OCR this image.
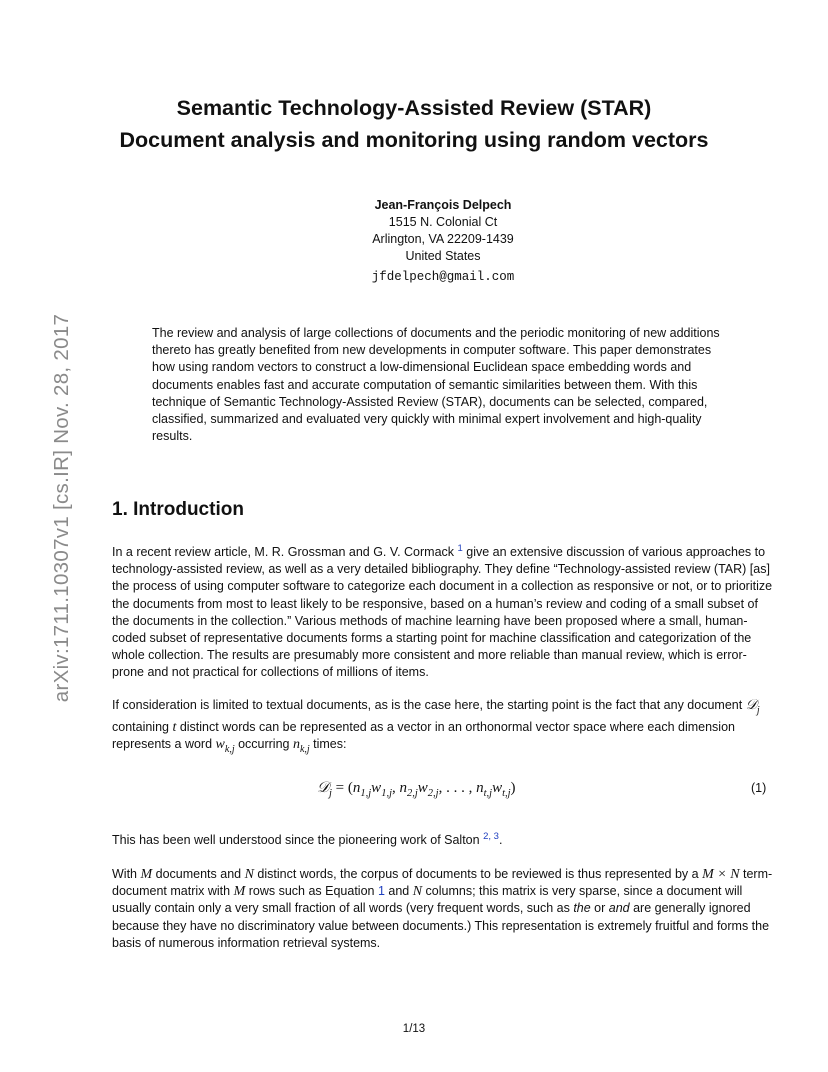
arXiv:1711.10307v1 [cs.IR] Nov. 28, 2017
Semantic Technology-Assisted Review (STAR)
Document analysis and monitoring using random vectors
Jean-François Delpech
1515 N. Colonial Ct
Arlington, VA 22209-1439
United States
jfdelpech@gmail.com
The review and analysis of large collections of documents and the periodic monitoring of new additions thereto has greatly benefited from new developments in computer software. This paper demonstrates how using random vectors to construct a low-dimensional Euclidean space embedding words and documents enables fast and accurate computation of semantic similarities between them. With this technique of Semantic Technology-Assisted Review (STAR), documents can be selected, compared, classified, summarized and evaluated very quickly with minimal expert involvement and high-quality results.
1. Introduction

In a recent review article, M. R. Grossman and G. V. Cormack $^1$ give an extensive discussion of various approaches to technology-assisted review, as well as a very detailed bibliography. They define “Technology-assisted review (TAR) [as] the process of using computer software to categorize each document in a collection as responsive or not, or to prioritize the documents from most to least likely to be responsive, based on a human’s review and coding of a small subset of the documents in the collection.” Various methods of machine learning have been proposed where a small, human-coded subset of representative documents forms a starting point for machine classification and categorization of the whole collection. The results are presumably more consistent and more reliable than manual review, which is error-prone and not practical for collections of millions of items.

If consideration is limited to textual documents, as is the case here, the starting point is the fact that any document 𝒟$_j$ containing t distinct words can be represented as a vector in an orthonormal vector space where each dimension represents a word $w_{k,j}$ occurring $n_{k,j}$ times:

𝒟$_j$ = ($n_{1,j}w_{1,j}$, $n_{2,j}w_{2,j}$, . . . , $n_{t,j}w_{t,j}$)	(1)

This has been well understood since the pioneering work of Salton $^{2,}$ $^3$.

With M documents and N distinct words, the corpus of documents to be reviewed is thus represented by a M × N term-document matrix with M rows such as Equation 1 and N columns; this matrix is very sparse, since a document will usually contain only a very small fraction of all words (very frequent words, such as the or and are generally ignored because they have no discriminatory value between documents.) This representation is extremely fruitful and forms the basis of numerous information retrieval systems.

1/13
